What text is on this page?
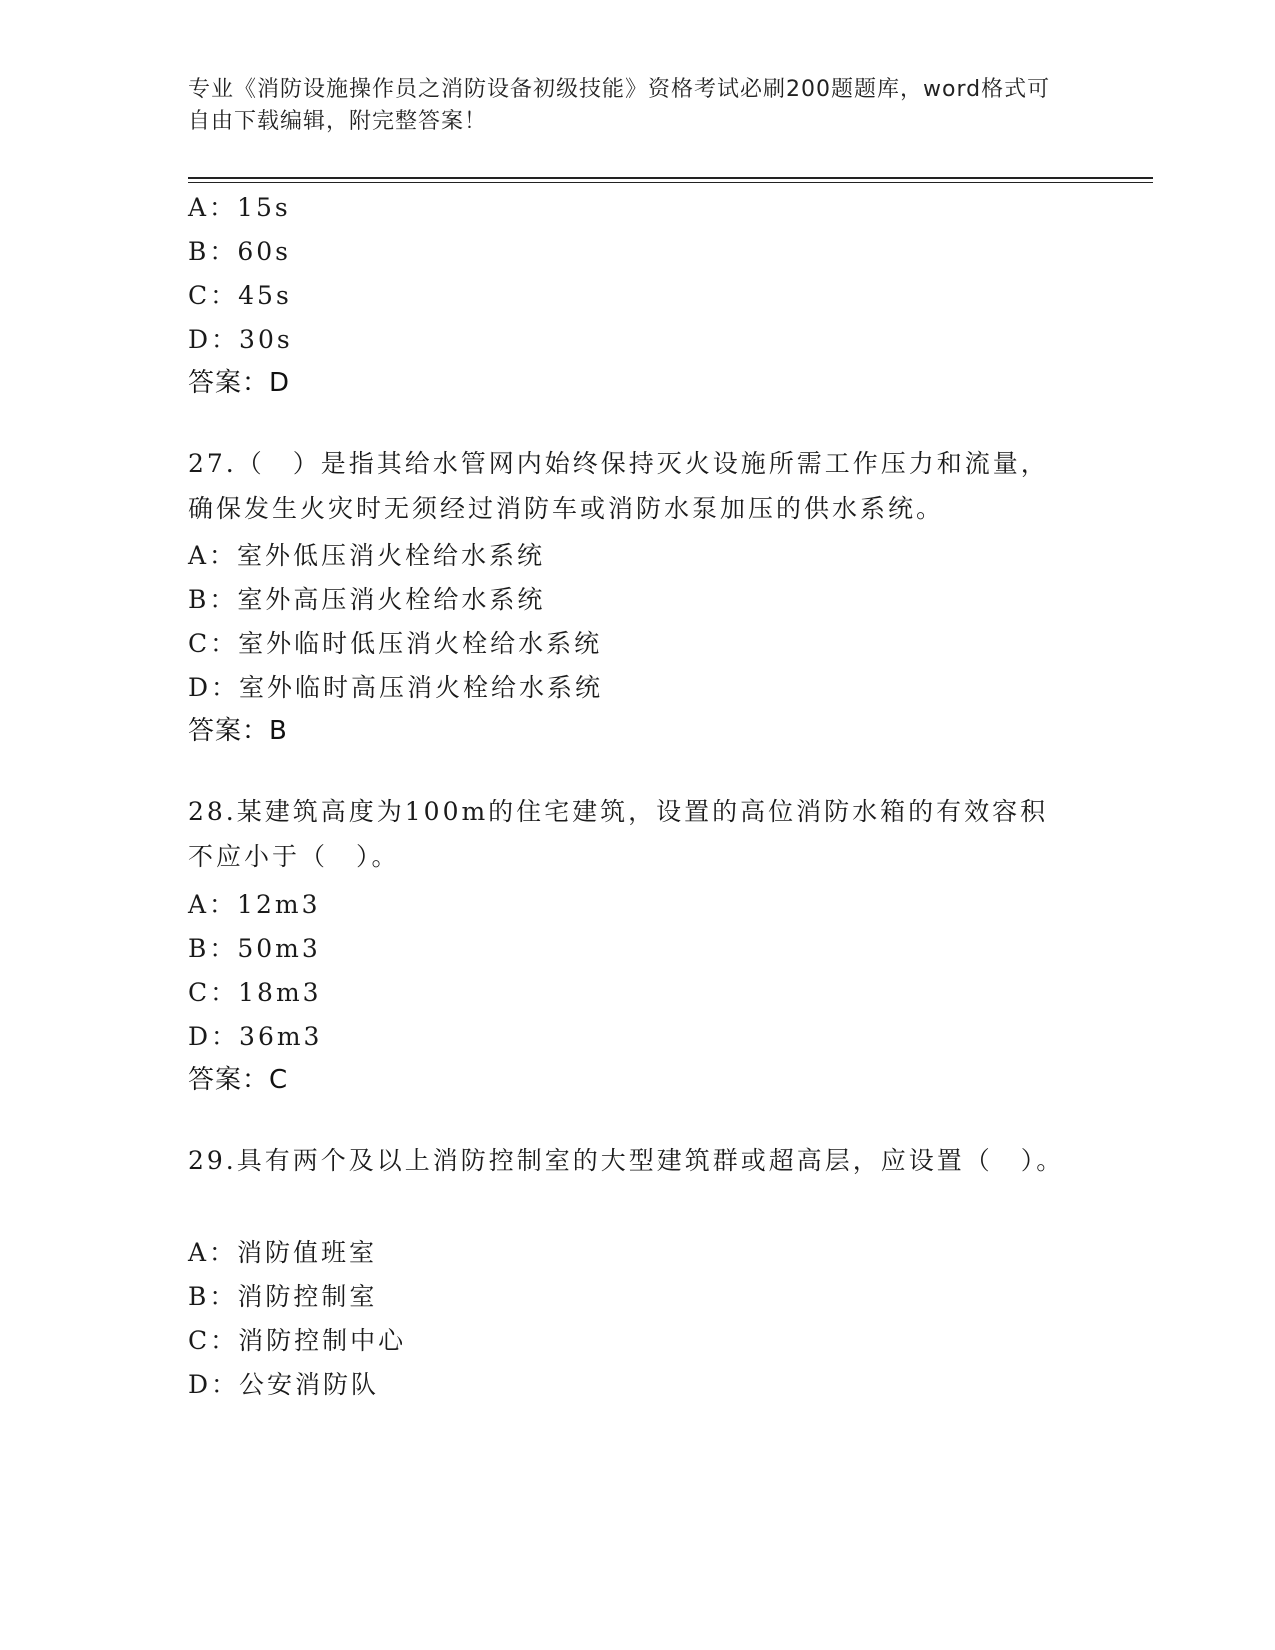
专业《消防设施操作员之消防设备初级技能》资格考试必刷200题题库，word格式可自由下载编辑，附完整答案！
A：15s
B：60s
C：45s
D：30s
答案：D
27.（　）是指其给水管网内始终保持灭火设施所需工作压力和流量，确保发生火灾时无须经过消防车或消防水泵加压的供水系统。
A：室外低压消火栓给水系统
B：室外高压消火栓给水系统
C：室外临时低压消火栓给水系统
D：室外临时高压消火栓给水系统
答案：B
28.某建筑高度为100m的住宅建筑，设置的高位消防水箱的有效容积不应小于（　）。
A：12m3
B：50m3
C：18m3
D：36m3
答案：C
29.具有两个及以上消防控制室的大型建筑群或超高层，应设置（　）。
A：消防值班室
B：消防控制室
C：消防控制中心
D：公安消防队
